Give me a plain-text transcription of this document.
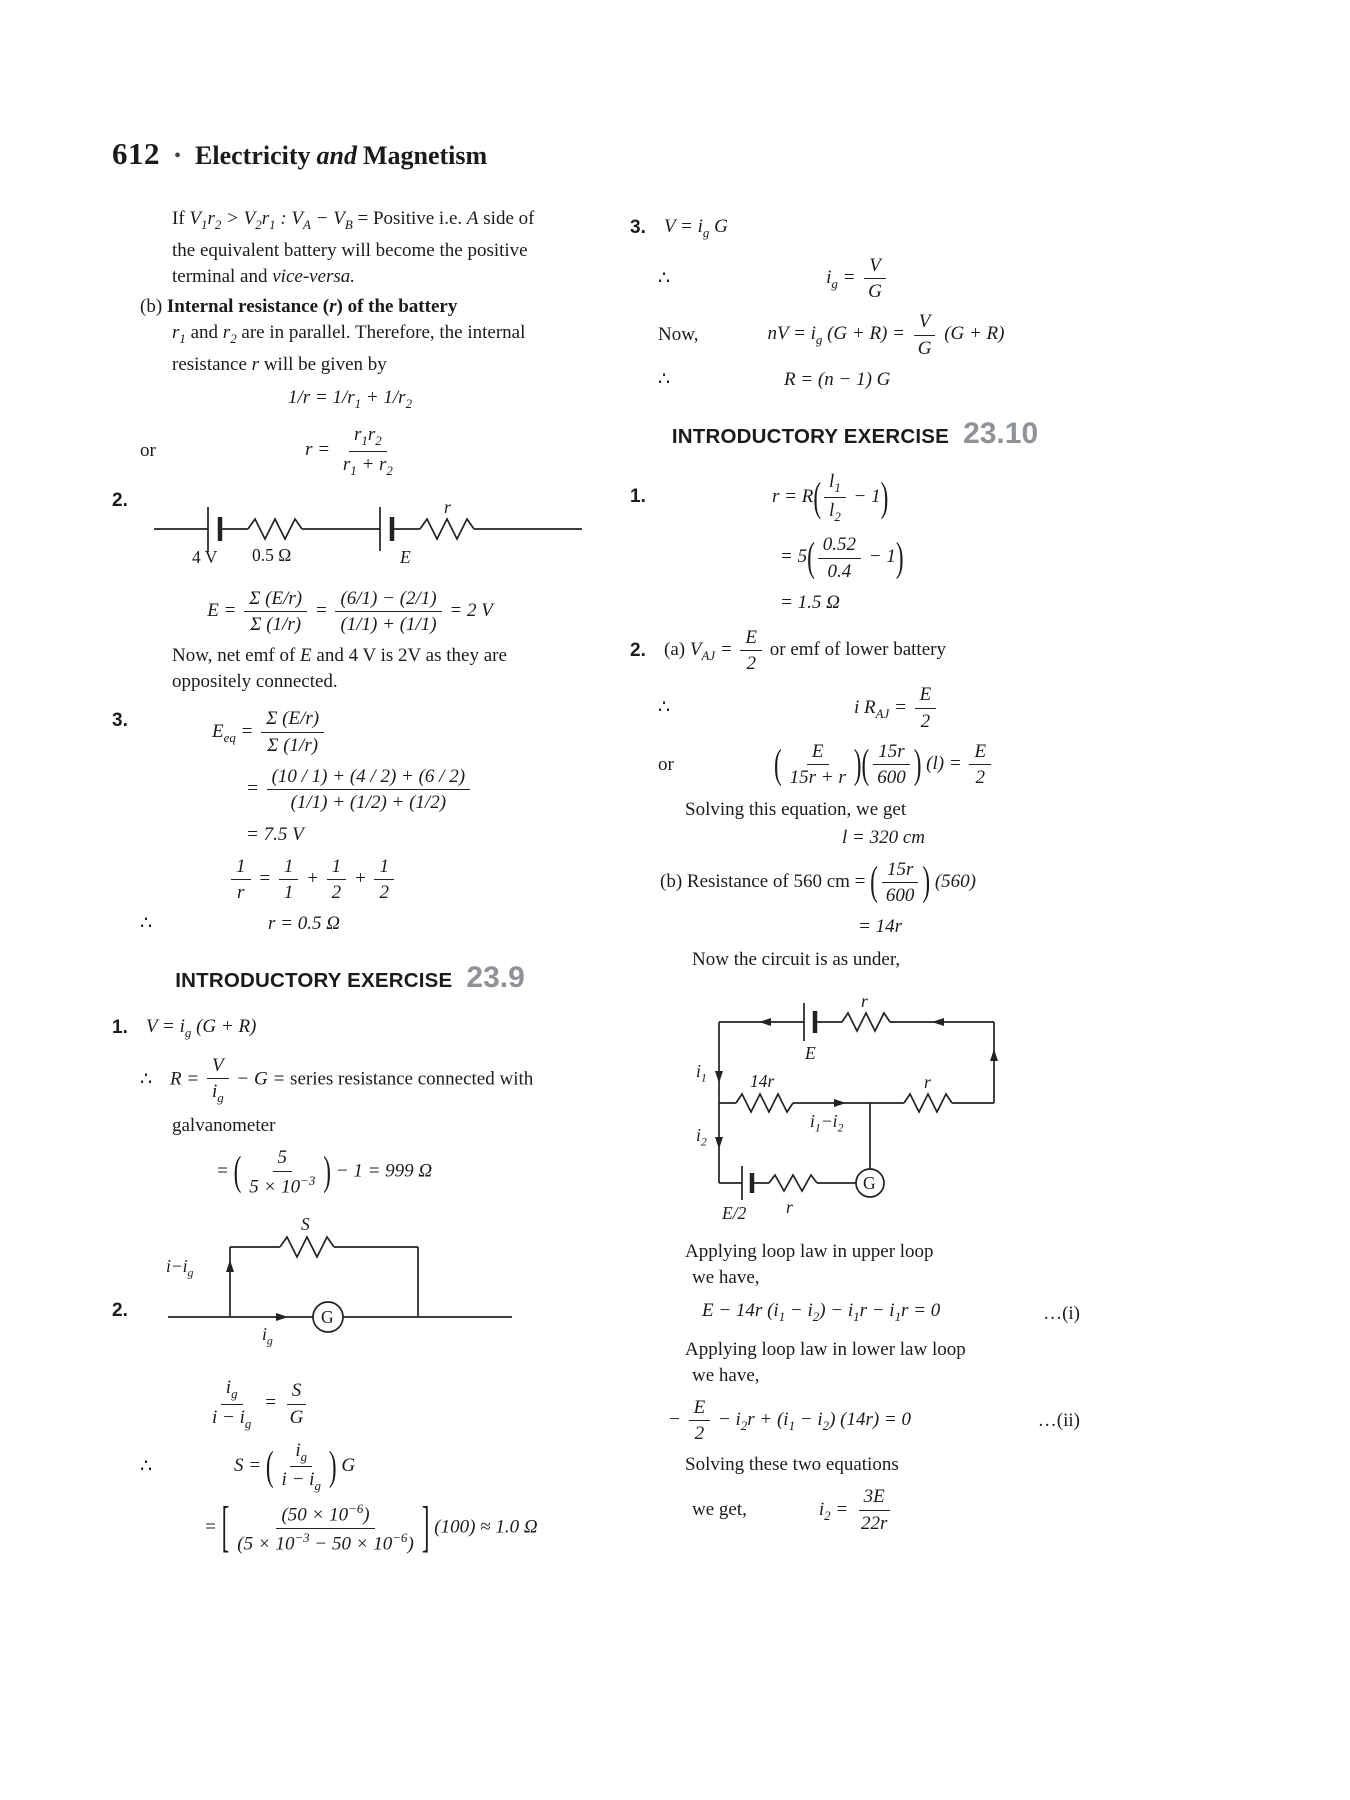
612 • Electricity and Magnetism
If $V_1r_2 > V_2r_1$ : $V_A - V_B$ = Positive i.e. A side of
the equivalent battery will become the positive
terminal and vice-versa.
(b) Internal resistance (r) of the battery
$r_1$ and $r_2$ are in parallel. Therefore, the internal
resistance r will be given by
$1/r = 1/r_1 + 1/r_2$
or	$r = \frac{r_1r_2}{r_1 + r_2}$
2.
4 V 0.5 Ω	E
r
$E = \frac{\Sigma (E/r)}{\Sigma (1/r)} = \frac{(6/1) - (2/1)}{(1/1) + (1/1)} = 2$ V
Now, net emf of E and 4 V is 2V as they are
oppositely connected.
3.	$E_{eq} = \frac{\Sigma (E/r)}{\Sigma (1/r)}$
= $\frac{(10 / 1) + (4 / 2) + (6 / 2)}{(1/1) + (1/2) + (1/2)}$
= 7.5 V
$\frac{1}{r} = \frac{1}{1} + \frac{1}{2} + \frac{1}{2}$
∴	r = 0.5 Ω
INTRODUCTORY EXERCISE 23.9
1. $V = i_g$ (G + R)
∴ $R = \frac{V}{i_g} - G$ = series resistance connected with
galvanometer
= ( $\frac{5}{5 \times 10^{-3}}$ ) − 1 = 999 Ω
2.
S
G
$i-i_g$
$i_g$
$\frac{i_g}{i - i_g} = \frac{S}{G}$
∴	S = ( $\frac{i_g}{i - i_g}$ ) G
= [ $\frac{(50 \times 10^{-6})}{(5 \times 10^{-3} - 50 \times 10^{-6})}$ ] (100) ≈ 1.0 Ω
3. $V = i_g$ G
∴	$i_g = \frac{V}{G}$
Now,	nV = $i_g$ $(G + R) = \frac{V}{G} (G + R)$
∴	R = (n − 1) G
INTRODUCTORY EXERCISE 23.10
1.	$r = R( \frac{l_1}{l_2} - 1)$
= $5( \frac{0.52}{0.4} - 1)$
= 1.5 Ω
2. (a) $V_{AJ} = \frac{E}{2}$ or emf of lower battery
∴	i $R_{AJ} = \frac{E}{2}$
or	( $\frac{E}{15r + r}$ )( $\frac{15r}{600}$ ) $(l) = \frac{E}{2}$
Solving this equation, we get
l = 320 cm
(b) Resistance of 560 cm = ( $\frac{15r}{600}$ ) (560)
= 14r
Now the circuit is as under,
r
E
$i_1$ 14r	r
$i_1-i_2$
$i_2$
E/2 r
G
Applying loop law in upper loop
we have,
E − 14r $(i_1 - i_2) - i_1r - i_1r = 0$	…(i)
Applying loop law in lower law loop
we have,
− $\frac{E}{2} - i_2r + (i_1 - i_2) (14r) = 0$	…(ii)
Solving these two equations
we get,	$i_2 = \frac{3E}{22r}$
